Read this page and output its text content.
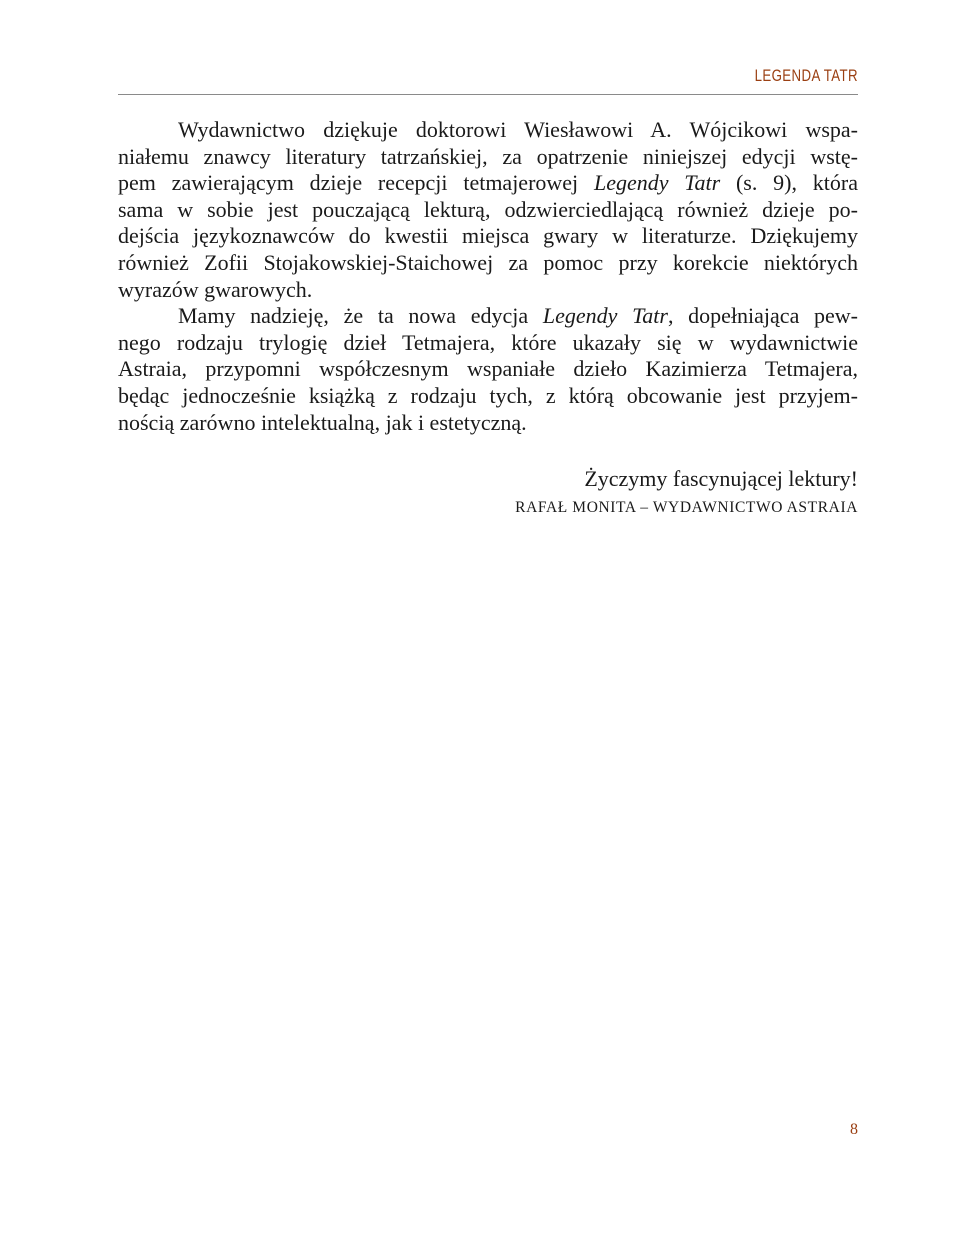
LEGENDA TATR
Wydawnictwo dziękuje doktorowi Wiesławowi A. Wójcikowi wspa-
niałemu znawcy literatury tatrzańskiej, za opatrzenie niniejszej edycji wstę-
pem zawierającym dzieje recepcji tetmajerowej Legendy Tatr (s. 9), która
sama w sobie jest pouczającą lekturą, odzwierciedlającą również dzieje po-
dejścia językoznawców do kwestii miejsca gwary w literaturze. Dziękujemy
również Zofii Stojakowskiej-Staichowej za pomoc przy korekcie niektórych
wyrazów gwarowych.
Mamy nadzieję, że ta nowa edycja Legendy Tatr, dopełniająca pew-
nego rodzaju trylogię dzieł Tetmajera, które ukazały się w wydawnictwie
Astraia, przypomni współczesnym wspaniałe dzieło Kazimierza Tetmajera,
będąc jednocześnie książką z rodzaju tych, z którą obcowanie jest przyjem-
nością zarówno intelektualną, jak i estetyczną.
Życzymy fascynującej lektury!
RAFAŁ MONITA – WYDAWNICTWO ASTRAIA
8
